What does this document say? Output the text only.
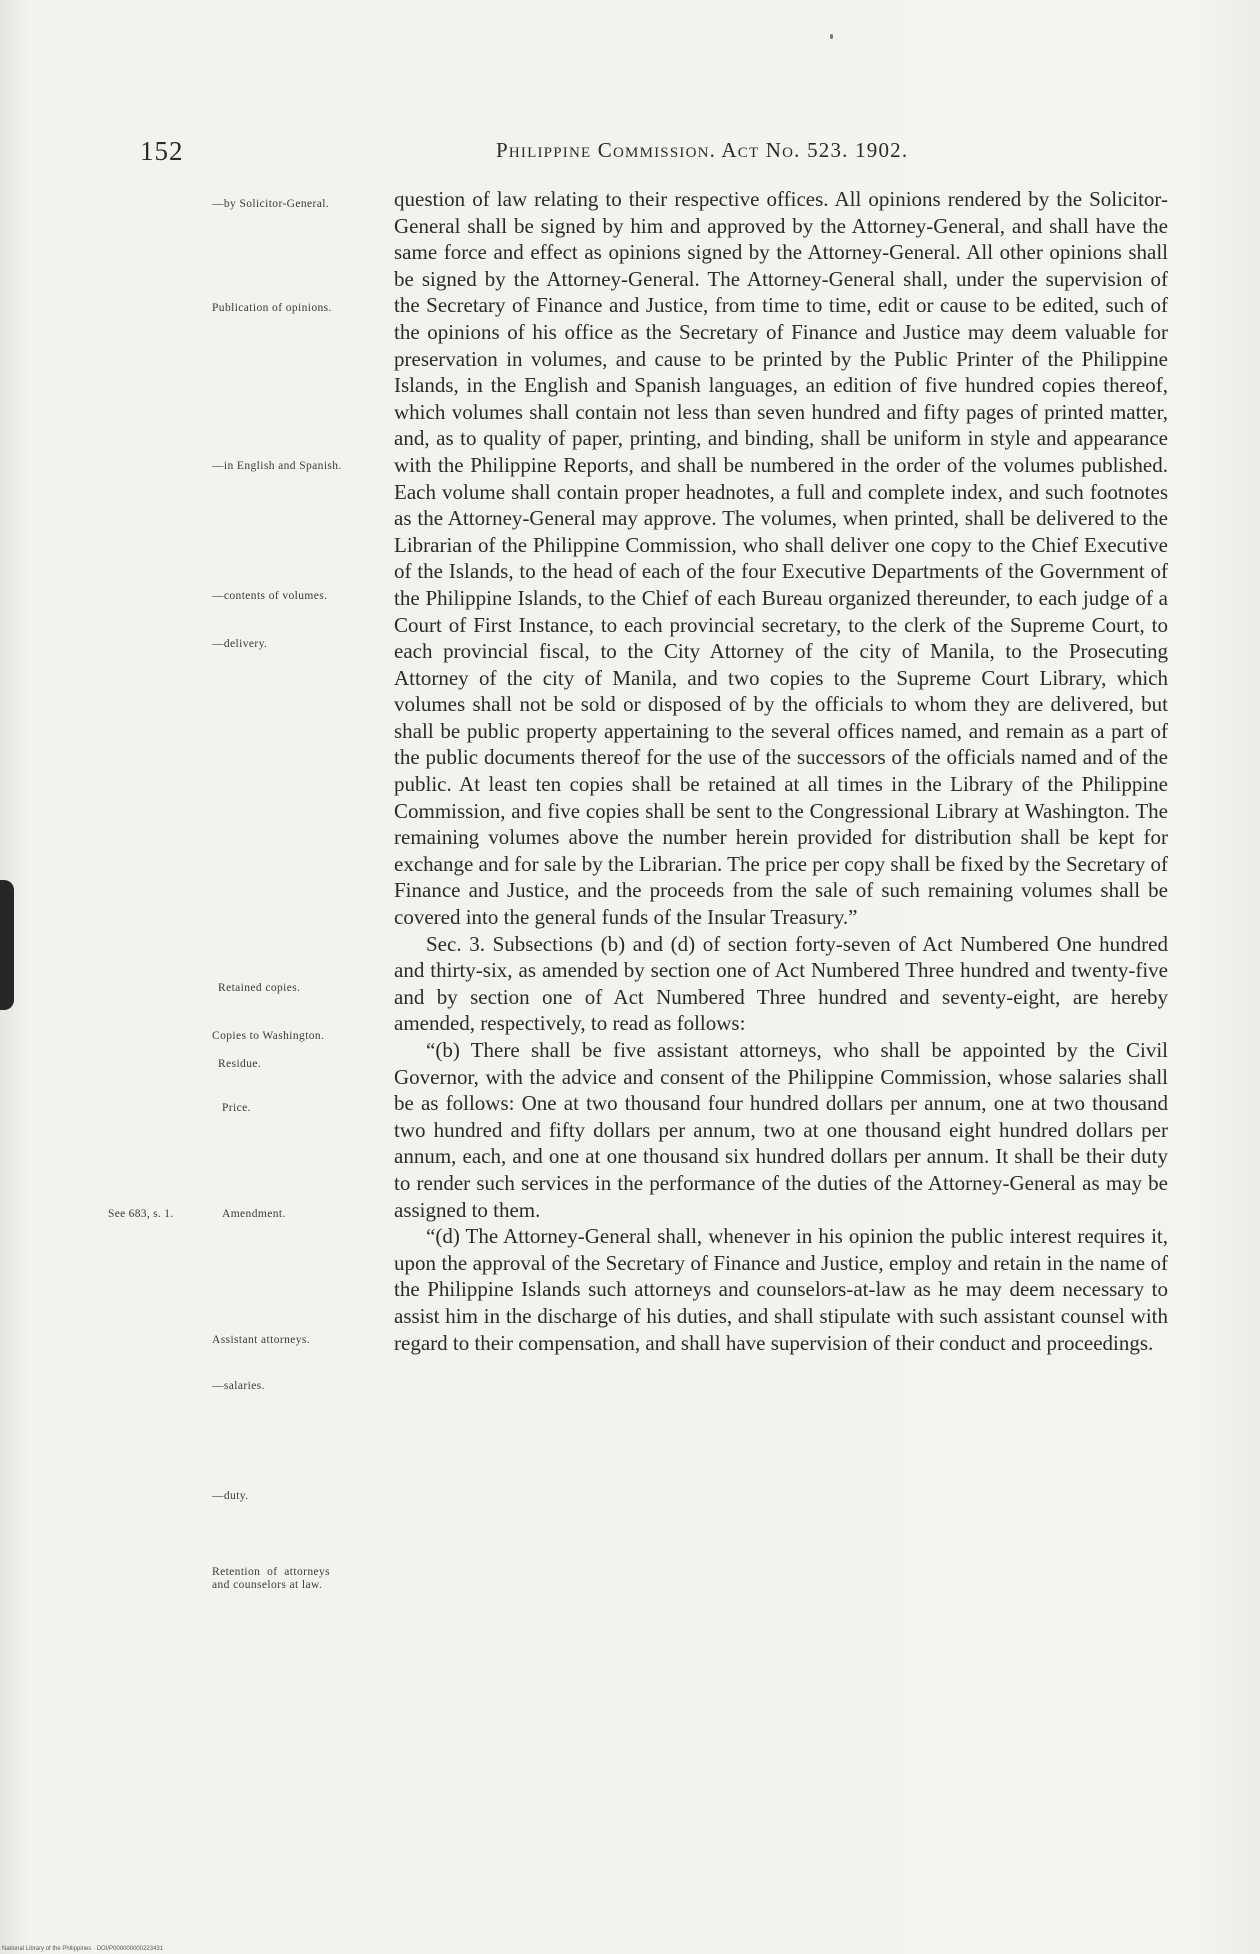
152	Philippine Commission. Act No. 523. 1902.
—by Solicitor-General.
Publication of opinions.
—in English and Spanish.
—contents of volumes.
—delivery.
Retained copies.
Copies to Washington.
Residue.
Price.
Amendment.
Assistant attorneys.
—salaries.
—duty.
Retention of attorneys and counselors at law.
See 683, s. 1.

question of law relating to their respective offices. All opinions rendered by the Solicitor-General shall be signed by him and approved by the Attorney-General, and shall have the same force and effect as opinions signed by the Attorney-General. All other opinions shall be signed by the Attorney-General. The Attorney-General shall, under the supervision of the Secretary of Finance and Justice, from time to time, edit or cause to be edited, such of the opinions of his office as the Secretary of Finance and Justice may deem valuable for preservation in volumes, and cause to be printed by the Public Printer of the Philippine Islands, in the English and Spanish languages, an edition of five hundred copies thereof, which volumes shall contain not less than seven hundred and fifty pages of printed matter, and, as to quality of paper, printing, and binding, shall be uniform in style and appearance with the Philippine Reports, and shall be numbered in the order of the volumes published. Each volume shall contain proper headnotes, a full and complete index, and such footnotes as the Attorney-General may approve. The volumes, when printed, shall be delivered to the Librarian of the Philippine Commission, who shall deliver one copy to the Chief Executive of the Islands, to the head of each of the four Executive Departments of the Government of the Philippine Islands, to the Chief of each Bureau organized thereunder, to each judge of a Court of First Instance, to each provincial secretary, to the clerk of the Supreme Court, to each provincial fiscal, to the City Attorney of the city of Manila, to the Prosecuting Attorney of the city of Manila, and two copies to the Supreme Court Library, which volumes shall not be sold or disposed of by the officials to whom they are delivered, but shall be public property appertaining to the several offices named, and remain as a part of the public documents thereof for the use of the successors of the officials named and of the public. At least ten copies shall be retained at all times in the Library of the Philippine Commission, and five copies shall be sent to the Congressional Library at Washington. The remaining volumes above the number herein provided for distribution shall be kept for exchange and for sale by the Librarian. The price per copy shall be fixed by the Secretary of Finance and Justice, and the proceeds from the sale of such remaining volumes shall be covered into the general funds of the Insular Treasury.”

Sec. 3. Subsections (b) and (d) of section forty-seven of Act Numbered One hundred and thirty-six, as amended by section one of Act Numbered Three hundred and twenty-five and by section one of Act Numbered Three hundred and seventy-eight, are hereby amended, respectively, to read as follows:

“(b) There shall be five assistant attorneys, who shall be appointed by the Civil Governor, with the advice and consent of the Philippine Commission, whose salaries shall be as follows: One at two thousand four hundred dollars per annum, one at two thousand two hundred and fifty dollars per annum, two at one thousand eight hundred dollars per annum, each, and one at one thousand six hundred dollars per annum. It shall be their duty to render such services in the performance of the duties of the Attorney-General as may be assigned to them.

“(d) The Attorney-General shall, whenever in his opinion the public interest requires it, upon the approval of the Secretary of Finance and Justice, employ and retain in the name of the Philippine Islands such attorneys and counselors-at-law as he may deem necessary to assist him in the discharge of his duties, and shall stipulate with such assistant counsel with regard to their compensation, and shall have supervision of their conduct and proceedings.

National Library of the Philippines · DOI/P000000000223431
